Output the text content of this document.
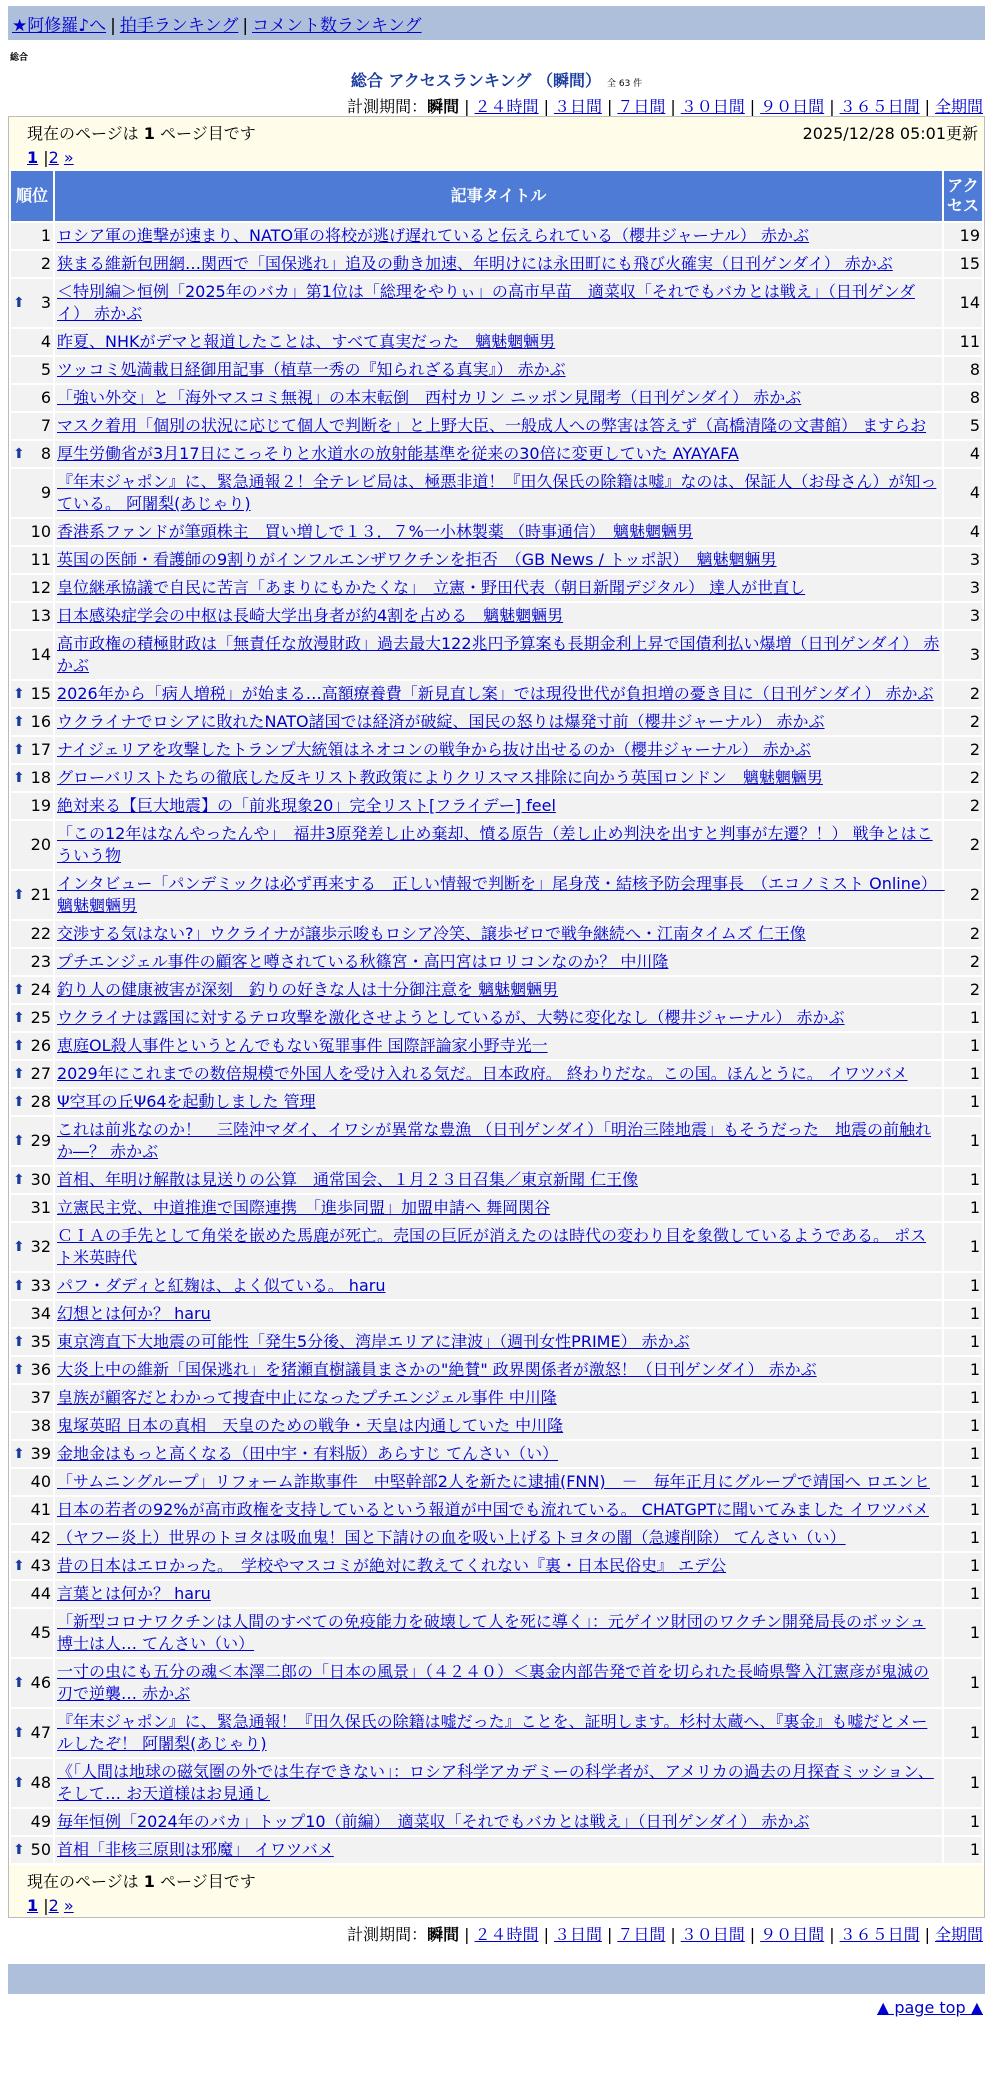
★阿修羅♪へ | 拍手ランキング | コメント数ランキング
総合
総合 アクセスランキング （瞬間） 全 63 件
計測期間：瞬間 | ２４時間 | ３日間 | ７日間 | ３０日間 | ９０日間 | ３６５日間 | 全期間
現在のページは 1 ページ目です	2025/12/28 05:01更新
1 |2 »
順位	記事タイトル	アクセス
1	ロシア軍の進撃が速まり、NATO軍の将校が逃げ遅れていると伝えられている（櫻井ジャーナル） 赤かぶ	19
2	狭まる維新包囲網…関西で「国保逃れ」追及の動き加速、年明けには永田町にも飛び火確実（日刊ゲンダイ） 赤かぶ	15

⬆ 3	＜特別編＞恒例「2025年のバカ」第1位は「総理をやりぃ」の高市早苗　適菜収「それでもバカとは戦え」（日刊ゲンダイ） 赤かぶ	14
4	昨夏、NHKがデマと報道したことは、すべて真実だった　魑魅魍魎男	11
5	ツッコミ処満載日経御用記事（植草一秀の『知られざる真実』） 赤かぶ	8
6	「強い外交」と「海外マスコミ無視」の本末転倒　西村カリン ニッポン見聞考（日刊ゲンダイ） 赤かぶ	8
7	マスク着用「個別の状況に応じて個人で判断を」と上野大臣、一般成人への弊害は答えず（高橋清隆の文書館） ますらお	5

⬆ 8	厚生労働省が3月17日にこっそりと水道水の放射能基準を従来の30倍に変更していた AYAYAFA	4
9	『年末ジャポン』に、緊急通報２！全テレビ局は、極悪非道！『田久保氏の除籍は嘘』なのは、保証人（お母さん）が知っている。 阿闍梨(あじゃり)	4
10	香港系ファンドが筆頭株主　買い増しで１３．７%一小林製薬 （時事通信）　魑魅魍魎男	4
11	英国の医師・看護師の9割りがインフルエンザワクチンを拒否　（GB News / トッポ訳）　魑魅魍魎男	3
12	皇位継承協議で自民に苦言「あまりにもかたくな」　立憲・野田代表（朝日新聞デジタル） 達人が世直し	3
13	日本感染症学会の中枢は長崎大学出身者が約4割を占める　魑魅魍魎男	3
14	高市政権の積極財政は「無責任な放漫財政」過去最大122兆円予算案も長期金利上昇で国債利払い爆増（日刊ゲンダイ） 赤かぶ	3

⬆ 15	2026年から「病人増税」が始まる…高額療養費「新見直し案」では現役世代が負担増の憂き目に（日刊ゲンダイ） 赤かぶ	2

⬆ 16	ウクライナでロシアに敗れたNATO諸国では経済が破綻、国民の怒りは爆発寸前（櫻井ジャーナル） 赤かぶ	2

⬆ 17	ナイジェリアを攻撃したトランプ大統領はネオコンの戦争から抜け出せるのか（櫻井ジャーナル） 赤かぶ	2

⬆ 18	グローバリストたちの徹底した反キリスト教政策によりクリスマス排除に向かう英国ロンドン　魑魅魍魎男	2
19	絶対来る【巨大地震】の「前兆現象20」完全リスト[フライデー] feel	2
20	「この12年はなんやったんや」　福井3原発差し止め棄却、憤る原告（差し止め判決を出すと判事が左遷？！） 戦争とはこういう物	2

⬆ 21	インタビュー「パンデミックは必ず再来する　正しい情報で判断を」尾身茂・結核予防会理事長　（エコノミスト Online）　魑魅魍魎男	2
22	交渉する気はない?」ウクライナが譲歩示唆もロシア冷笑、譲歩ゼロで戦争継続へ・江南タイムズ 仁王像	2
23	プチエンジェル事件の顧客と噂されている秋篠宮・高円宮はロリコンなのか？ 中川隆	2

⬆ 24	釣り人の健康被害が深刻　釣りの好きな人は十分御注意を 魑魅魍魎男	2

⬆ 25	ウクライナは露国に対するテロ攻撃を激化させようとしているが、大勢に変化なし（櫻井ジャーナル） 赤かぶ	1

⬆ 26	恵庭OL殺人事件というとんでもない冤罪事件 国際評論家小野寺光一	1

⬆ 27	2029年にこれまでの数倍規模で外国人を受け入れる気だ。日本政府。 終わりだな。この国。ほんとうに。 イワツバメ	1

⬆ 28	Ψ空耳の丘Ψ64を起動しました 管理	1

⬆ 29	これは前兆なのか！　三陸沖マダイ、イワシが異常な豊漁 （日刊ゲンダイ）「明治三陸地震」もそうだった　地震の前触れか―？ 赤かぶ	1

⬆ 30	首相、年明け解散は見送りの公算　通常国会、１月２３日召集／東京新聞 仁王像	1
31	立憲民主党、中道推進で国際連携　「進歩同盟」加盟申請へ 舞岡関谷	1

⬆ 32	ＣＩＡの手先として角栄を嵌めた馬鹿が死亡。売国の巨匠が消えたのは時代の変わり目を象徴しているようである。 ポスト米英時代	1

⬆ 33	パフ・ダディと紅麹は、よく似ている。 haru	1
34	幻想とは何か？ haru	1

⬆ 35	東京湾直下大地震の可能性「発生5分後、湾岸エリアに津波」（週刊女性PRIME） 赤かぶ	1

⬆ 36	大炎上中の維新「国保逃れ」を猪瀬直樹議員まさかの"絶賛" 政界関係者が激怒！（日刊ゲンダイ） 赤かぶ	1
37	皇族が顧客だとわかって捜査中止になったプチエンジェル事件 中川隆	1
38	鬼塚英昭 日本の真相　天皇のための戦争・天皇は内通していた 中川隆	1

⬆ 39	金地金はもっと高くなる（田中宇・有料版）あらすじ てんさい（い）	1
40	「サムニングループ」リフォーム詐欺事件　中堅幹部2人を新たに逮捕(FNN)　－　毎年正月にグループで靖国へ ロエンヒ	1
41	日本の若者の92%が高市政権を支持しているという報道が中国でも流れている。 CHATGPTに聞いてみました イワツバメ	1
42	（ヤフー炎上）世界のトヨタは吸血鬼！国と下請けの血を吸い上げるトヨタの闇（急遽削除） てんさい（い）	1

⬆ 43	昔の日本はエロかった。　学校やマスコミが絶対に教えてくれない『裏・日本民俗史』 エデ公	1
44	言葉とは何か？ haru	1
45	「新型コロナワクチンは人間のすべての免疫能力を破壊して人を死に導く」：元ゲイツ財団のワクチン開発局長のボッシュ博士は人… てんさい（い）	1

⬆ 46	一寸の虫にも五分の魂＜本澤二郎の「日本の風景」（４２４０）＜裏金内部告発で首を切られた長崎県警入江憲彦が鬼滅の刃で逆襲… 赤かぶ	1

⬆ 47	『年末ジャポン』に、緊急通報！『田久保氏の除籍は嘘だった』ことを、証明します。杉村太蔵へ、『裏金』も嘘だとメールしたぞ！ 阿闍梨(あじゃり)	1

⬆ 48	《「人間は地球の磁気圏の外では生存できない」：ロシア科学アカデミーの科学者が、アメリカの過去の月探査ミッション、そして… お天道様はお見通し	1
49	毎年恒例「2024年のバカ」トップ10（前編）　適菜収「それでもバカとは戦え」（日刊ゲンダイ） 赤かぶ	1

⬆ 50	首相「非核三原則は邪魔」 イワツバメ	1
現在のページは 1 ページ目です
1 |2 »
計測期間：瞬間 | ２４時間 | ３日間 | ７日間 | ３０日間 | ９０日間 | ３６５日間 | 全期間
▲ page top ▲
